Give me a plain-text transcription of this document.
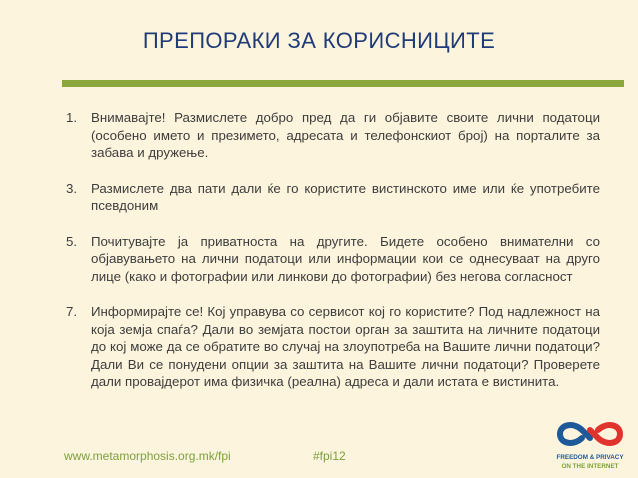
ПРЕПОРАКИ ЗА КОРИСНИЦИТЕ
1.	Внимавајте! Размислете добро пред да ги објавите своите лични податоци (особено името и презимето, адресата и телефонскиот број) на порталите за забава и дружење.
3.	Размислете два пати дали ќе го користите вистинското име или ќе употребите псевдоним
5.	Почитувајте ја приватноста на другите. Бидете особено внимателни со објавувањето на лични податоци или информации кои се однесуваат на друго лице (како и фотографии или линкови до фотографии) без негова согласност
7.	Информирајте се! Кој управува со сервисот кој го користите? Под надлежност на која земја спаѓа? Дали во земјата постои орган за заштита на личните податоци до кој може да се обратите во случај на злоупотреба на Вашите лични податоци? Дали Ви се понудени опции за заштита на Вашите лични податоци? Проверете дали провајдерот има физичка (реална) адреса и дали истата е вистинита.
www.metamorphosis.org.mk/fpi	#fpi12	FREEDOM & PRIVACY
ON THE INTERNET
